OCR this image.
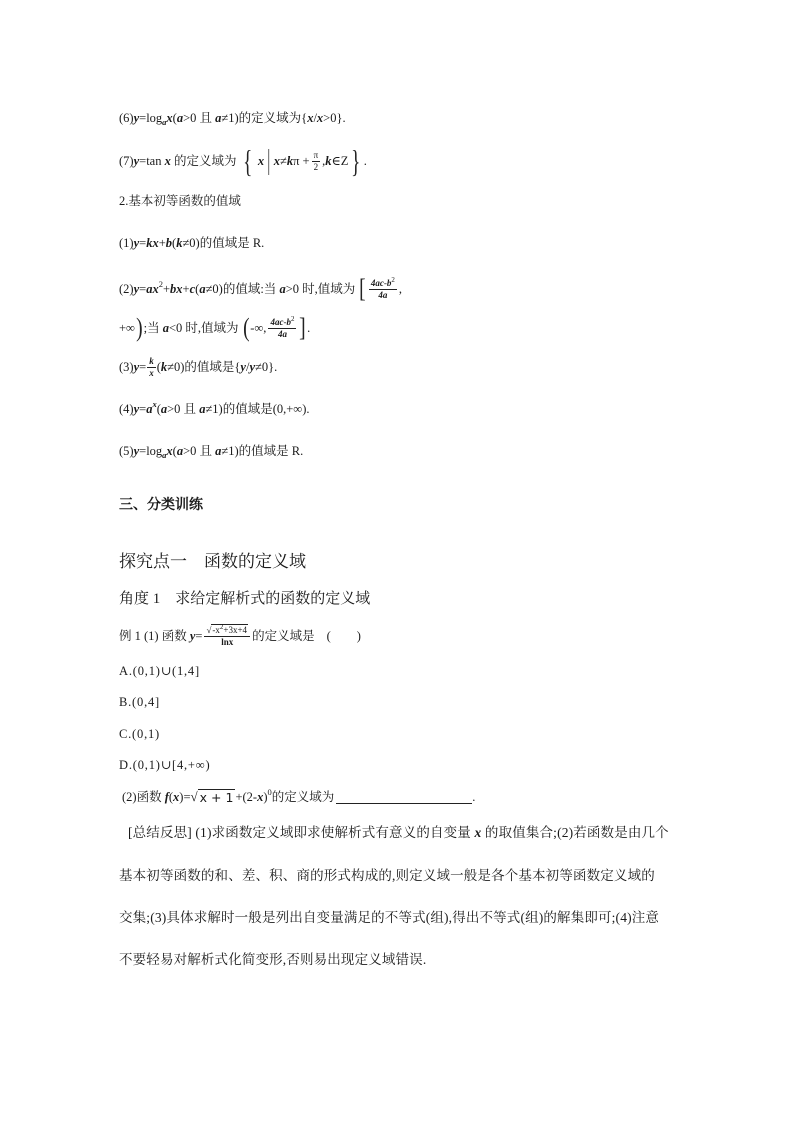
(6) y =log a x ( a >0 且 a ≠1)的定义域为{ x / x >0}.
(7) y =tan x 的定义域为 { x | x ≠ k $\pi + \frac{\pi}{2}$ , k ∈Z } .
2.基本初等函数的值域
(1) y = kx + b ( k ≠0)的值域是 R.
(2) y = ax 2 + bx + c ( a ≠0)的值域:当 a >0 时,值域为 [ $\frac{4ac - b 2}{4a}$ ,
+∞ ) ;当 a <0 时,值域为 ( -∞, $\frac{4ac - b 2}{4a}$ ] .
(3) $y = \frac{k}{x}$ ( k ≠0)的值域是{ y / y ≠0}.
(4) y = a x ( a >0 且 a ≠1)的值域是(0,+∞).
(5) y =log a x ( a >0 且 a ≠1)的值域是 R.
三、分类训练
探究点一　函数的定义域
角度 1　求给定解析式的函数的定义域
例 1 (1) 函数 $y = \frac{√ -x 2 +3x+4}{\ln x}$ 的定义域是 ( )
A.(0,1)∪(1,4]
B.(0,4]
C.(0,1)
D.(0,1)∪[4,+∞)
(2)函数 f ( x ) = √ x + 1 +(2- x ) 0 的定义域为	.
[总结反思] (1)求函数定义域即求使解析式有意义的自变量 x 的取值集合;(2)若函数是由几个
基本初等函数的和、差、积、商的形式构成的,则定义域一般是各个基本初等函数定义域的
交集;(3)具体求解时一般是列出自变量满足的不等式(组),得出不等式(组)的解集即可;(4)注意
不要轻易对解析式化简变形,否则易出现定义域错误.
